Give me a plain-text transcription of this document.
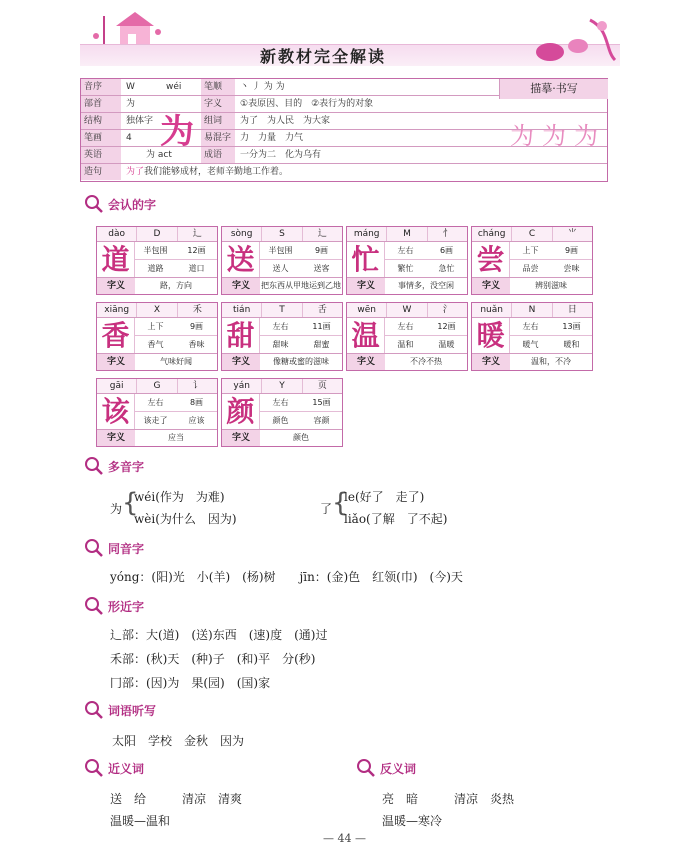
新教材完全解读
音序	W	wéi	笔顺	丶 丿 为 为
部首	为	字义	①表原因、目的　②表行为的对象
结构	独体字	组词	为了　为人民　为大家
笔画	4	易混字 力　力量　力气
英语	为 act	成语	一分为二　化为乌有
造句	为了我们能够成材，老师辛勤地工作着。
为
描摹·书写
为为为
会认的字
dào	D	辶
道	半包围	12画
道路	道口
字义	路，方向
sòng	S	辶
送	半包围	9画
送人	送客
字义	把东西从甲地运到乙地
máng	M	忄
忙	左右	6画
繁忙	急忙
字义	事情多，没空闲
cháng	C	⺌
尝	上下	9画
品尝	尝味
字义	辨别滋味
xiāng	X	禾
香	上下	9画
香气	香味
字义	气味好闻
tián	T	舌
甜	左右	11画
甜味	甜蜜
字义	像糖或蜜的滋味
wēn	W	氵
温	左右	12画
温和	温暖
字义	不冷不热
nuǎn	N	日
暖	左右	13画
暖气	暖和
字义	温和，不冷
gāi	G	讠
该	左右	8画
该走了	应该
字义	应当
yán	Y	页
颜	左右	15画
颜色	容颜
字义	颜色
多音字
为 {
wéi(作为　为难)
wèi(为什么　因为)
了 {
le(好了　走了)
liǎo(了解　了不起)
同音字
yóng：(阳)光　小(羊)　(杨)树　　jīn：(金)色　红领(巾)　(今)天
形近字
辶部：大(道)　(送)东西　(速)度　(通)过
禾部：(秋)天　(种)子　(和)平　分(秒)
冂部：(因)为　果(园)　(国)家
词语听写
太阳　学校　金秋　因为
近义词
送　给　　　清凉　清爽
温暖—温和
反义词
亮　暗　　　清凉　炎热
温暖—寒冷
— 44 —
